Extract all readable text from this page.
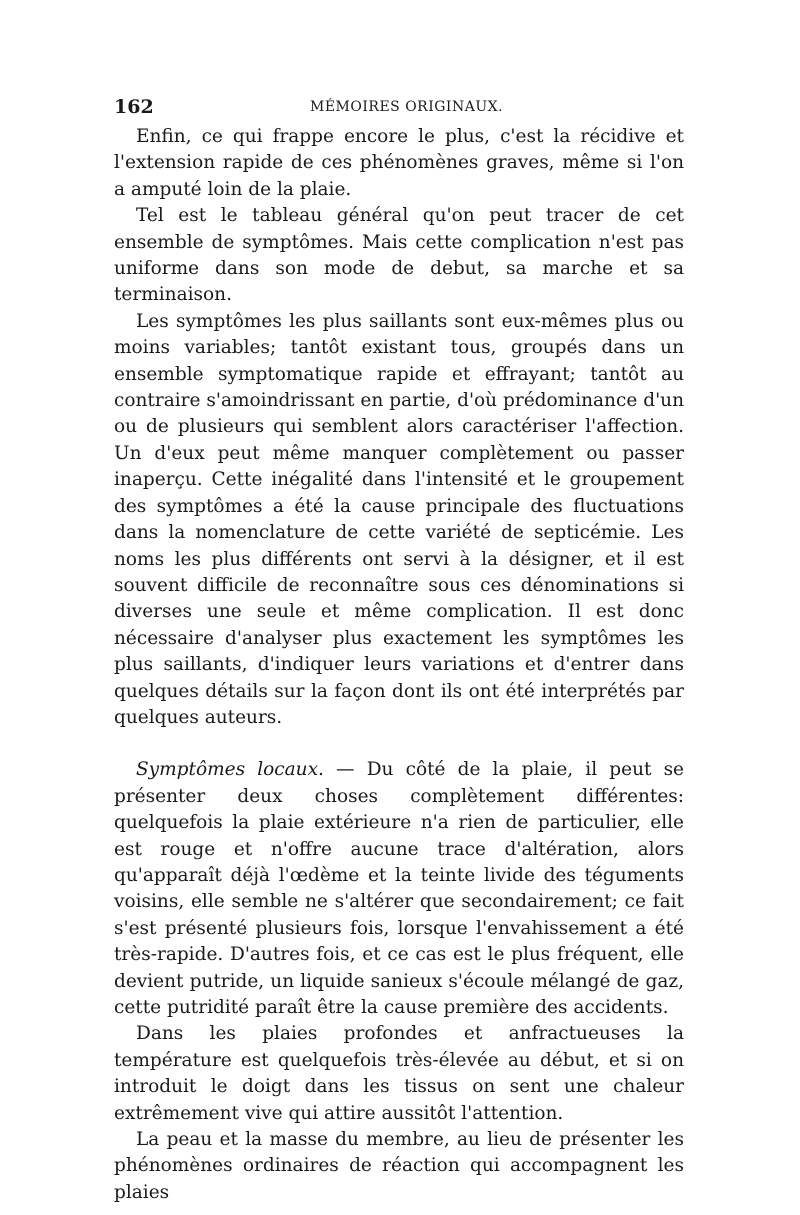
162	MÉMOIRES ORIGINAUX.

Enfin, ce qui frappe encore le plus, c'est la récidive et l'extension rapide de ces phénomènes graves, même si l'on a amputé loin de la plaie.

Tel est le tableau général qu'on peut tracer de cet ensemble de symptômes. Mais cette complication n'est pas uniforme dans son mode de debut, sa marche et sa terminaison.

Les symptômes les plus saillants sont eux-mêmes plus ou moins variables; tantôt existant tous, groupés dans un ensemble symptomatique rapide et effrayant; tantôt au contraire s'amoindrissant en partie, d'où prédominance d'un ou de plusieurs qui semblent alors caractériser l'affection. Un d'eux peut même manquer complètement ou passer inaperçu. Cette inégalité dans l'intensité et le groupement des symptômes a été la cause principale des fluctuations dans la nomenclature de cette variété de septicémie. Les noms les plus différents ont servi à la désigner, et il est souvent difficile de reconnaître sous ces dénominations si diverses une seule et même complication. Il est donc nécessaire d'analyser plus exactement les symptômes les plus saillants, d'indiquer leurs variations et d'entrer dans quelques détails sur la façon dont ils ont été interprétés par quelques auteurs.

Symptômes locaux. — Du côté de la plaie, il peut se présenter deux choses complètement différentes: quelquefois la plaie extérieure n'a rien de particulier, elle est rouge et n'offre aucune trace d'altération, alors qu'apparaît déjà l'œdème et la teinte livide des téguments voisins, elle semble ne s'altérer que secondairement; ce fait s'est présenté plusieurs fois, lorsque l'envahissement a été très-rapide. D'autres fois, et ce cas est le plus fréquent, elle devient putride, un liquide sanieux s'écoule mélangé de gaz, cette putridité paraît être la cause première des accidents.

Dans les plaies profondes et anfractueuses la température est quelquefois très-élevée au début, et si on introduit le doigt dans les tissus on sent une chaleur extrêmement vive qui attire aussitôt l'attention.

La peau et la masse du membre, au lieu de présenter les phénomènes ordinaires de réaction qui accompagnent les plaies
